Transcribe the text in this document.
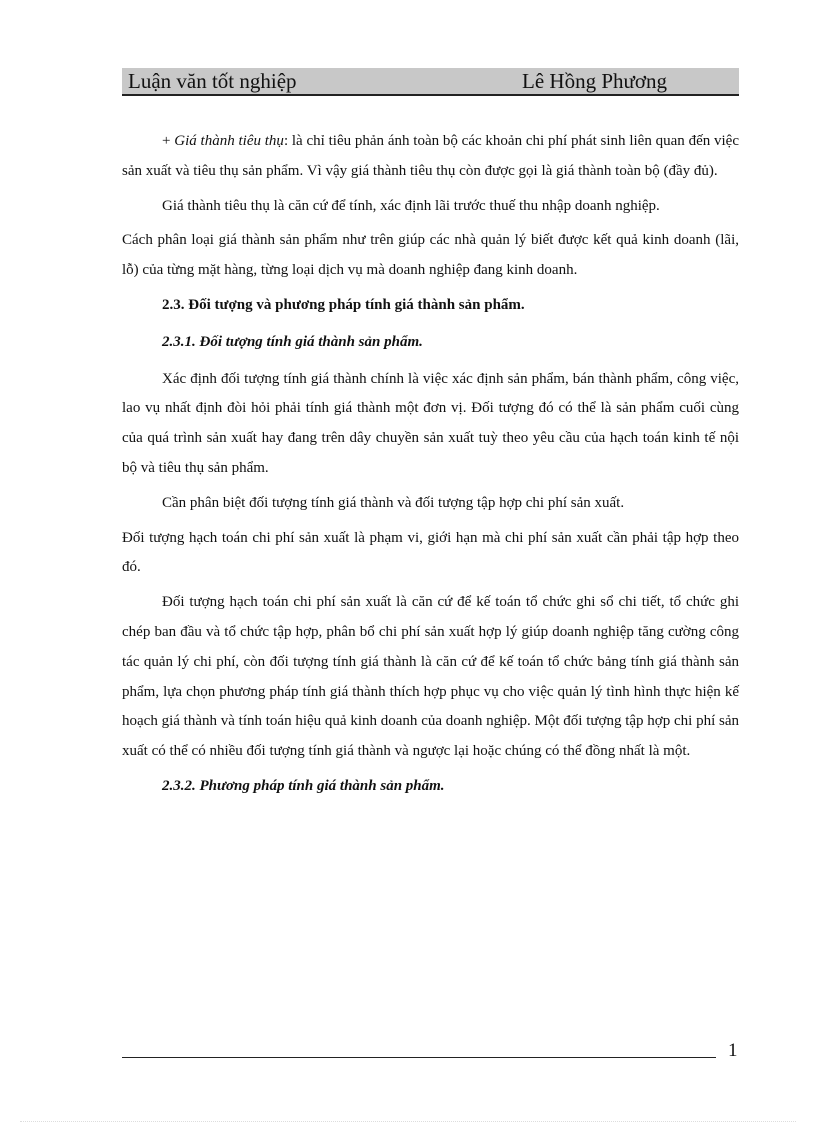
Luận văn tốt nghiệp	Lê Hồng Phương

+ Giá thành tiêu thụ: là chỉ tiêu phản ánh toàn bộ các khoản chi phí phát sinh liên quan đến việc sản xuất và tiêu thụ sản phẩm. Vì vậy giá thành tiêu thụ còn được gọi là giá thành toàn bộ (đầy đủ).

Giá thành tiêu thụ là căn cứ để tính, xác định lãi trước thuế thu nhập doanh nghiệp.

Cách phân loại giá thành sản phẩm như trên giúp các nhà quản lý biết được kết quả kinh doanh (lãi, lỗ) của từng mặt hàng, từng loại dịch vụ mà doanh nghiệp đang kinh doanh.

2.3. Đối tượng và phương pháp tính giá thành sản phẩm.

2.3.1. Đối tượng tính giá thành sản phẩm.

Xác định đối tượng tính giá thành chính là việc xác định sản phẩm, bán thành phẩm, công việc, lao vụ nhất định đòi hỏi phải tính giá thành một đơn vị. Đối tượng đó có thể là sản phẩm cuối cùng của quá trình sản xuất hay đang trên dây chuyền sản xuất tuỳ theo yêu cầu của hạch toán kinh tế nội bộ và tiêu thụ sản phẩm.

Cần phân biệt đối tượng tính giá thành và đối tượng tập hợp chi phí sản xuất.

Đối tượng hạch toán chi phí sản xuất là phạm vi, giới hạn mà chi phí sản xuất cần phải tập hợp theo đó.

Đối tượng hạch toán chi phí sản xuất là căn cứ để kế toán tổ chức ghi sổ chi tiết, tổ chức ghi chép ban đầu và tổ chức tập hợp, phân bổ chi phí sản xuất hợp lý giúp doanh nghiệp tăng cường công tác quản lý chi phí, còn đối tượng tính giá thành là căn cứ để kế toán tổ chức bảng tính giá thành sản phẩm, lựa chọn phương pháp tính giá thành thích hợp phục vụ cho việc quản lý tình hình thực hiện kế hoạch giá thành và tính toán hiệu quả kinh doanh của doanh nghiệp. Một đối tượng tập hợp chi phí sản xuất có thể có nhiều đối tượng tính giá thành và ngược lại hoặc chúng có thể đồng nhất là một.

2.3.2. Phương pháp tính giá thành sản phẩm.

1
